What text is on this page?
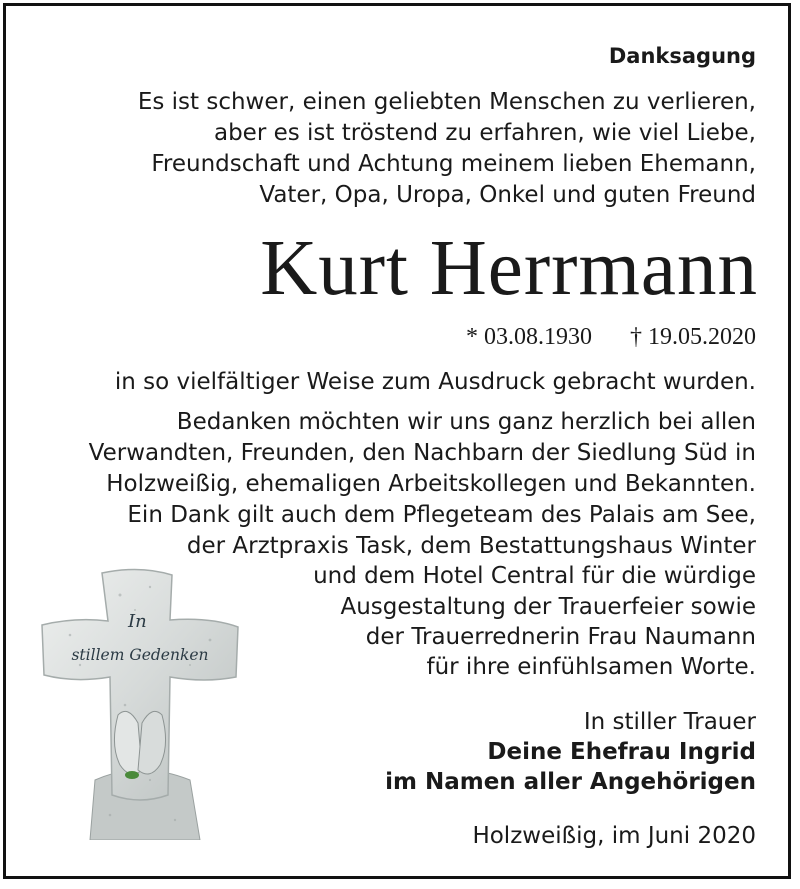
Danksagung
Es ist schwer, einen geliebten Menschen zu verlieren,
aber es ist tröstend zu erfahren, wie viel Liebe,
Freundschaft und Achtung meinem lieben Ehemann,
Vater, Opa, Uropa, Onkel und guten Freund
Kurt Herrmann
* 03.08.1930 † 19.05.2020
in so vielfältiger Weise zum Ausdruck gebracht wurden.
Bedanken möchten wir uns ganz herzlich bei allen
Verwandten, Freunden, den Nachbarn der Siedlung Süd in
Holzweißig, ehemaligen Arbeitskollegen und Bekannten.
Ein Dank gilt auch dem Pflegeteam des Palais am See,
der Arztpraxis Task, dem Bestattungshaus Winter
und dem Hotel Central für die würdige
Ausgestaltung der Trauerfeier sowie
der Trauerrednerin Frau Naumann
für ihre einfühlsamen Worte.
In stiller Trauer
Deine Ehefrau Ingrid
im Namen aller Angehörigen
Holzweißig, im Juni 2020
In
stillem Gedenken
